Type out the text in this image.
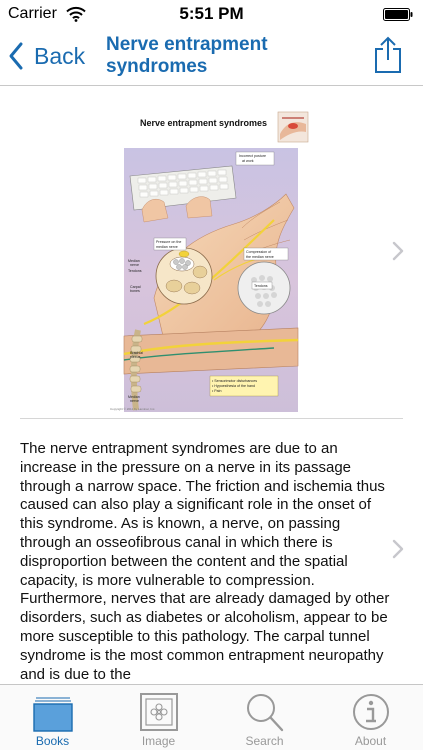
Carrier	5:51 PM
Back Nerve entrapment syndromes
Nerve entrapment syndromes
Incorrect posture
at work
Pressure on the
median nerve
Compression of
the median nerve
Median
nerve
Tendons
Carpal
bones
Tendons
Brachial
plexus
Median
nerve
• Sensorimotor disturbances
• Hypoesthesia of the hand
• Pain
Copyright © 2011 by Laminar, Inc.
The nerve entrapment syndromes are due to an increase in the pressure on a nerve in its passage through a narrow space. The friction and ischemia thus caused can also play a significant role in the onset of this syndrome. As is known, a nerve, on passing through an osseofibrous canal in which there is disproportion between the content and the spatial capacity, is more vulnerable to compression. Furthermore, nerves that are already damaged by other disorders, such as diabetes or alcoholism, appear to be more susceptible to this pathology. The carpal tunnel syndrome is the most common entrapment neuropathy and is due to the
Books	Image	Search	About
